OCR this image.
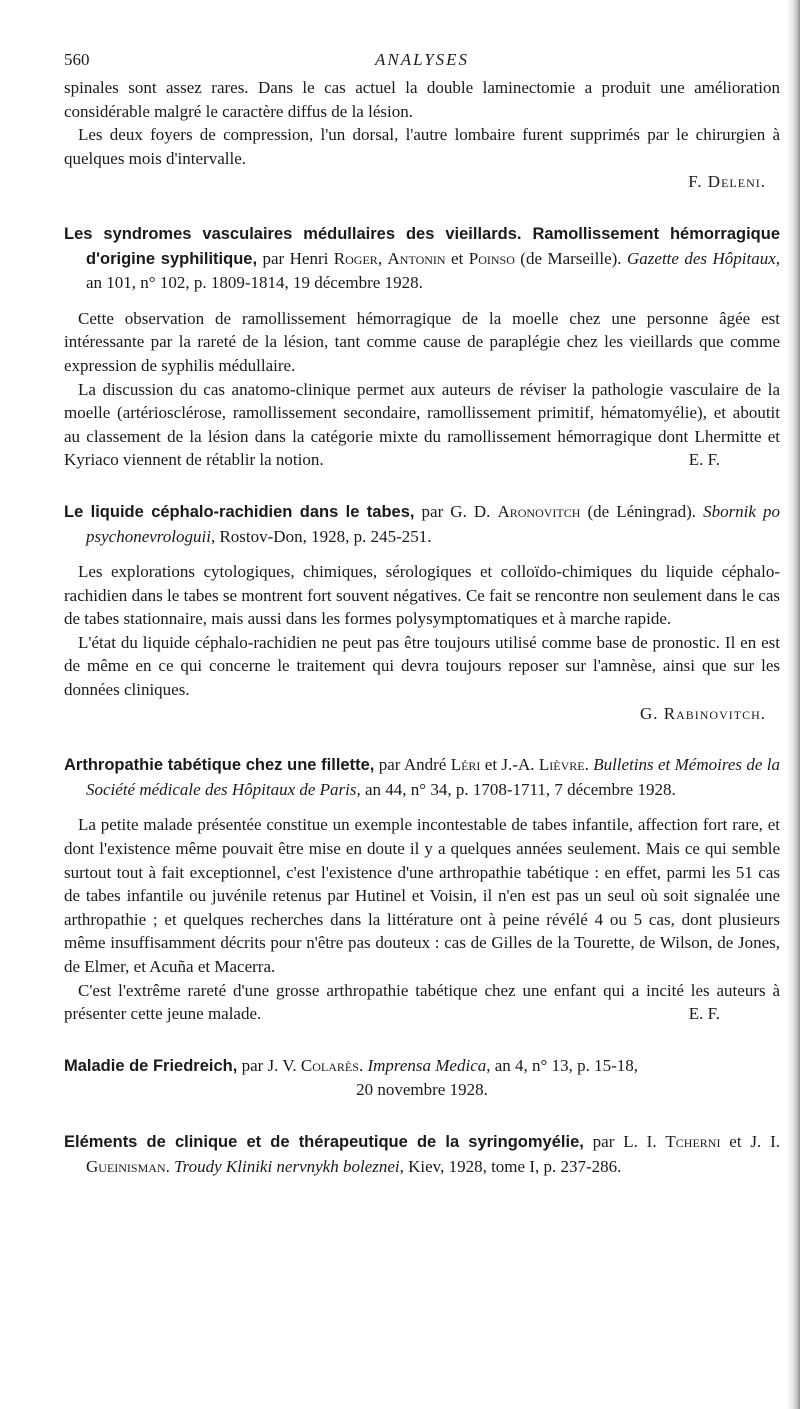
560	ANALYSES

spinales sont assez rares. Dans le cas actuel la double laminectomie a produit une amélioration considérable malgré le caractère diffus de la lésion.

Les deux foyers de compression, l'un dorsal, l'autre lombaire furent supprimés par le chirurgien à quelques mois d'intervalle.

F. Deleni.

Les syndromes vasculaires médullaires des vieillards. Ramollissement hémorragique d'origine syphilitique, par Henri Roger, Antonin et Poinso (de Marseille). Gazette des Hôpitaux, an 101, n° 102, p. 1809-1814, 19 décembre 1928.

Cette observation de ramollissement hémorragique de la moelle chez une personne âgée est intéressante par la rareté de la lésion, tant comme cause de paraplégie chez les vieillards que comme expression de syphilis médullaire.

La discussion du cas anatomo-clinique permet aux auteurs de réviser la pathologie vasculaire de la moelle (artériosclérose, ramollissement secondaire, ramollissement primitif, hématomyélie), et aboutit au classement de la lésion dans la catégorie mixte du ramollissement hémorragique dont Lhermitte et Kyriaco viennent de rétablir la notion.	E. F.

Le liquide céphalo-rachidien dans le tabes, par G. D. Aronovitch (de Léningrad). Sbornik po psychonevrologuii, Rostov-Don, 1928, p. 245-251.

Les explorations cytologiques, chimiques, sérologiques et colloïdo-chimiques du liquide céphalo-rachidien dans le tabes se montrent fort souvent négatives. Ce fait se rencontre non seulement dans le cas de tabes stationnaire, mais aussi dans les formes polysymptomatiques et à marche rapide.

L'état du liquide céphalo-rachidien ne peut pas être toujours utilisé comme base de pronostic. Il en est de même en ce qui concerne le traitement qui devra toujours reposer sur l'amnèse, ainsi que sur les données cliniques.

G. Rabinovitch.

Arthropathie tabétique chez une fillette, par André Léri et J.-A. Lièvre. Bulletins et Mémoires de la Société médicale des Hôpitaux de Paris, an 44, n° 34, p. 1708-1711, 7 décembre 1928.

La petite malade présentée constitue un exemple incontestable de tabes infantile, affection fort rare, et dont l'existence même pouvait être mise en doute il y a quelques années seulement. Mais ce qui semble surtout tout à fait exceptionnel, c'est l'existence d'une arthropathie tabétique : en effet, parmi les 51 cas de tabes infantile ou juvénile retenus par Hutinel et Voisin, il n'en est pas un seul où soit signalée une arthropathie ; et quelques recherches dans la littérature ont à peine révélé 4 ou 5 cas, dont plusieurs même insuffisamment décrits pour n'être pas douteux : cas de Gilles de la Tourette, de Wilson, de Jones, de Elmer, et Acuña et Macerra.

C'est l'extrême rareté d'une grosse arthropathie tabétique chez une enfant qui a incité les auteurs à présenter cette jeune malade.	E. F.

Maladie de Friedreich, par J. V. Colarès. Imprensa Medica, an 4, n° 13, p. 15-18,

20 novembre 1928.

Eléments de clinique et de thérapeutique de la syringomyélie, par L. I. Tcherni et J. I. Gueinisman. Troudy Kliniki nervnykh boleznei, Kiev, 1928, tome I, p. 237-286.
